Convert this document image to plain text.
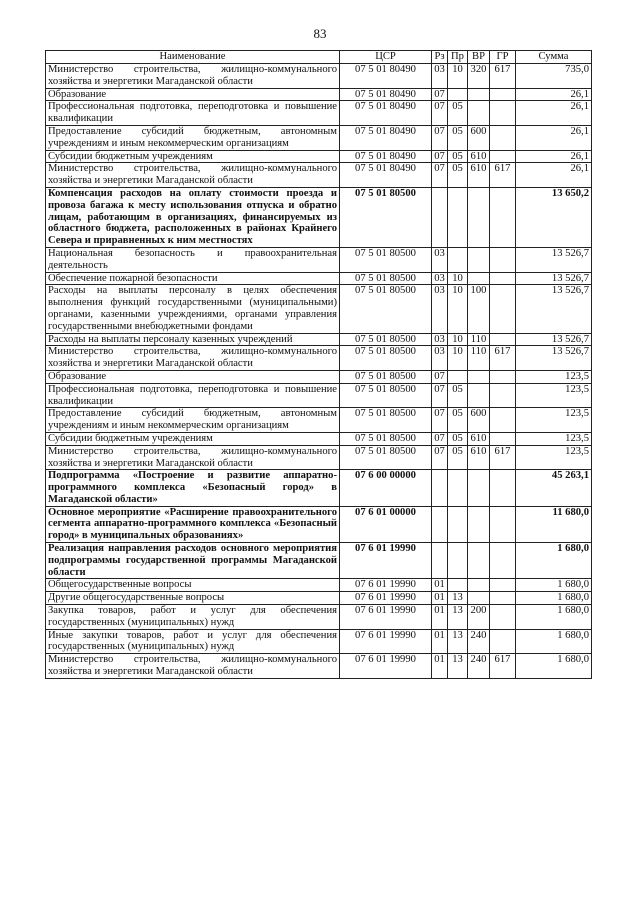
83
Наименование	ЦСР	Рз	Пр	ВР	ГР	Сумма
Министерство строительства, жилищно-коммунального хозяйства и энергетики Магаданской области	07 5 01 80490	03	10	320	617	735,0
Образование	07 5 01 80490	07				26,1
Профессиональная подготовка, переподготовка и повышение квалификации	07 5 01 80490	07	05			26,1
Предоставление субсидий бюджетным, автономным учреждениям и иным некоммерческим организациям	07 5 01 80490	07	05	600		26,1
Субсидии бюджетным учреждениям	07 5 01 80490	07	05	610		26,1
Министерство строительства, жилищно-коммунального хозяйства и энергетики Магаданской области	07 5 01 80490	07	05	610	617	26,1
Компенсация расходов на оплату стоимости проезда и провоза багажа к месту использования отпуска и обратно лицам, работающим в организациях, финансируемых из областного бюджета, расположенных в районах Крайнего Севера и приравненных к ним местностях	07 5 01 80500					13 650,2
Национальная безопасность и правоохранительная деятельность	07 5 01 80500	03				13 526,7
Обеспечение пожарной безопасности	07 5 01 80500	03	10			13 526,7
Расходы на выплаты персоналу в целях обеспечения выполнения функций государственными (муниципальными) органами, казенными учреждениями, органами управления государственными внебюджетными фондами	07 5 01 80500	03	10	100		13 526,7
Расходы на выплаты персоналу казенных учреждений	07 5 01 80500	03	10	110		13 526,7
Министерство строительства, жилищно-коммунального хозяйства и энергетики Магаданской области	07 5 01 80500	03	10	110	617	13 526,7
Образование	07 5 01 80500	07				123,5
Профессиональная подготовка, переподготовка и повышение квалификации	07 5 01 80500	07	05			123,5
Предоставление субсидий бюджетным, автономным учреждениям и иным некоммерческим организациям	07 5 01 80500	07	05	600		123,5
Субсидии бюджетным учреждениям	07 5 01 80500	07	05	610		123,5
Министерство строительства, жилищно-коммунального хозяйства и энергетики Магаданской области	07 5 01 80500	07	05	610	617	123,5
Подпрограмма «Построение и развитие аппаратно-программного комплекса «Безопасный город» в Магаданской области»	07 6 00 00000					45 263,1
Основное мероприятие «Расширение правоохранительного сегмента аппаратно-программного комплекса «Безопасный город» в муниципальных образованиях»	07 6 01 00000					11 680,0
Реализация направления расходов основного мероприятия подпрограммы государственной программы Магаданской области	07 6 01 19990					1 680,0
Общегосударственные вопросы	07 6 01 19990	01				1 680,0
Другие общегосударственные вопросы	07 6 01 19990	01	13			1 680,0
Закупка товаров, работ и услуг для обеспечения государственных (муниципальных) нужд	07 6 01 19990	01	13	200		1 680,0
Иные закупки товаров, работ и услуг для обеспечения государственных (муниципальных) нужд	07 6 01 19990	01	13	240		1 680,0
Министерство строительства, жилищно-коммунального хозяйства и энергетики Магаданской области	07 6 01 19990	01	13	240	617	1 680,0
